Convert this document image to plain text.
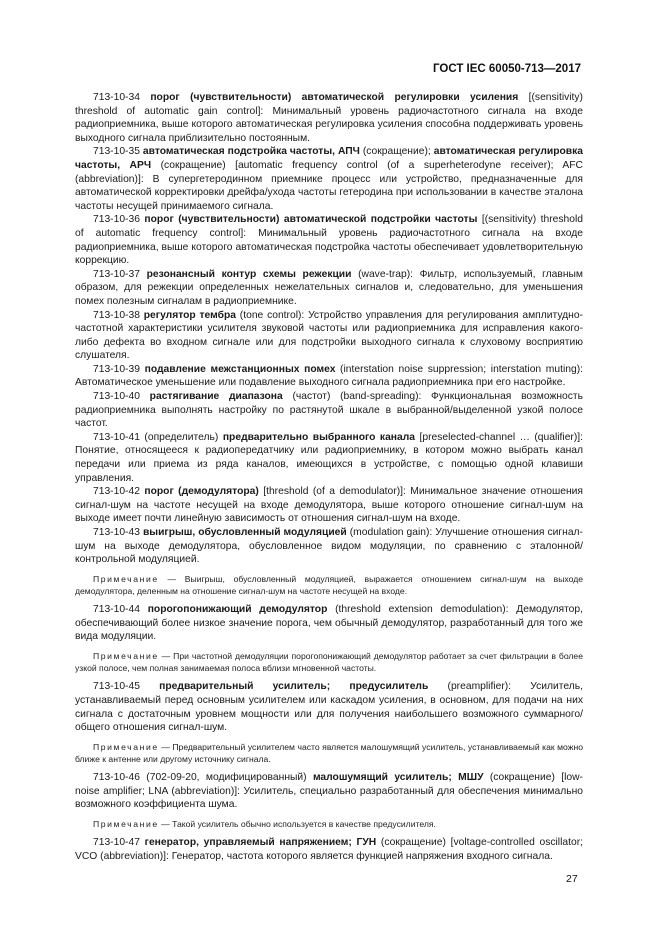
ГОСТ IEC 60050-713—2017

713-10-34 порог (чувствительности) автоматической регулировки усиления [(sensitivity) threshold of automatic gain control]: Минимальный уровень радиочастотного сигнала на входе радиоприемника, выше которого автоматическая регулировка усиления способна поддерживать уровень выходного сигнала приблизительно постоянным.

713-10-35 автоматическая подстройка частоты, АПЧ (сокращение); автоматическая регулировка частоты, АРЧ (сокращение) [automatic frequency control (of a superheterodyne receiver); AFC (abbreviation)]: В супергетеродинном приемнике процесс или устройство, предназначенные для автоматической корректировки дрейфа/ухода частоты гетеродина при использовании в качестве эталона частоты несущей принимаемого сигнала.

713-10-36 порог (чувствительности) автоматической подстройки частоты [(sensitivity) threshold of automatic frequency control]: Минимальный уровень радиочастотного сигнала на входе радиоприемника, выше которого автоматическая подстройка частоты обеспечивает удовлетворительную коррекцию.

713-10-37 резонансный контур схемы режекции (wave-trap): Фильтр, используемый, главным образом, для режекции определенных нежелательных сигналов и, следовательно, для уменьшения помех полезным сигналам в радиоприемнике.

713-10-38 регулятор тембра (tone control): Устройство управления для регулирования амплитудно-частотной характеристики усилителя звуковой частоты или радиоприемника для исправления какого-либо дефекта во входном сигнале или для подстройки выходного сигнала к слуховому восприятию слушателя.

713-10-39 подавление межстанционных помех (interstation noise suppression; interstation muting): Автоматическое уменьшение или подавление выходного сигнала радиоприемника при его настройке.

713-10-40 растягивание диапазона (частот) (band-spreading): Функциональная возможность радиоприемника выполнять настройку по растянутой шкале в выбранной/выделенной узкой полосе частот.

713-10-41 (определитель) предварительно выбранного канала [preselected-channel … (qualifier)]: Понятие, относящееся к радиопередатчику или радиоприемнику, в котором можно выбрать канал передачи или приема из ряда каналов, имеющихся в устройстве, с помощью одной клавиши управления.

713-10-42 порог (демодулятора) [threshold (of a demodulator)]: Минимальное значение отношения сигнал-шум на частоте несущей на входе демодулятора, выше которого отношение сигнал-шум на выходе имеет почти линейную зависимость от отношения сигнал-шум на входе.

713-10-43 выигрыш, обусловленный модуляцией (modulation gain): Улучшение отношения сигнал-шум на выходе демодулятора, обусловленное видом модуляции, по сравнению с эталонной/контрольной модуляцией.

Примечание — Выигрыш, обусловленный модуляцией, выражается отношением сигнал-шум на выходе демодулятора, деленным на отношение сигнал-шум на частоте несущей на входе.

713-10-44 порогопонижающий демодулятор (threshold extension demodulation): Демодулятор, обеспечивающий более низкое значение порога, чем обычный демодулятор, разработанный для того же вида модуляции.

Примечание — При частотной демодуляции порогопонижающий демодулятор работает за счет фильтрации в более узкой полосе, чем полная занимаемая полоса вблизи мгновенной частоты.

713-10-45 предварительный усилитель; предусилитель (preamplifier): Усилитель, устанавливаемый перед основным усилителем или каскадом усиления, в основном, для подачи на них сигнала с достаточным уровнем мощности или для получения наибольшего возможного суммарного/общего отношения сигнал-шум.

Примечание — Предварительный усилителем часто является малошумящий усилитель, устанавливаемый как можно ближе к антенне или другому источнику сигнала.

713-10-46 (702-09-20, модифицированный) малошумящий усилитель; МШУ (сокращение) [low-noise amplifier; LNA (abbreviation)]: Усилитель, специально разработанный для обеспечения минимально возможного коэффициента шума.

Примечание — Такой усилитель обычно используется в качестве предусилителя.

713-10-47 генератор, управляемый напряжением; ГУН (сокращение) [voltage-controlled oscillator; VCO (abbreviation)]: Генератор, частота которого является функцией напряжения входного сигнала.

27
